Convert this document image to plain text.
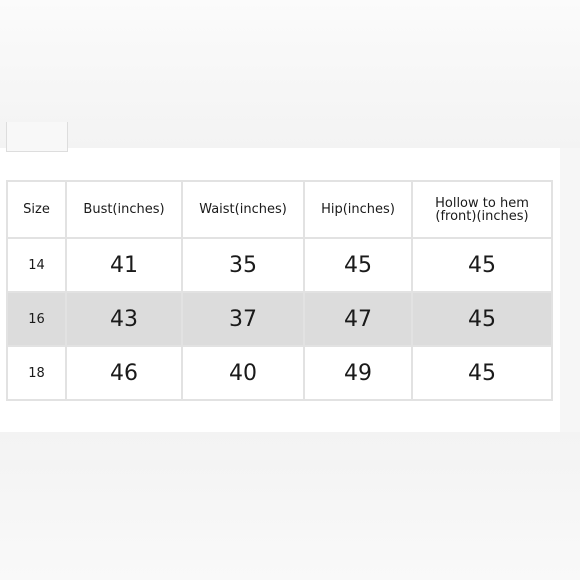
Size	Bust(inches)	Waist(inches)	Hip(inches)	Hollow to hem (front)(inches)
14	41	35	45	45
16	43	37	47	45
18	46	40	49	45
